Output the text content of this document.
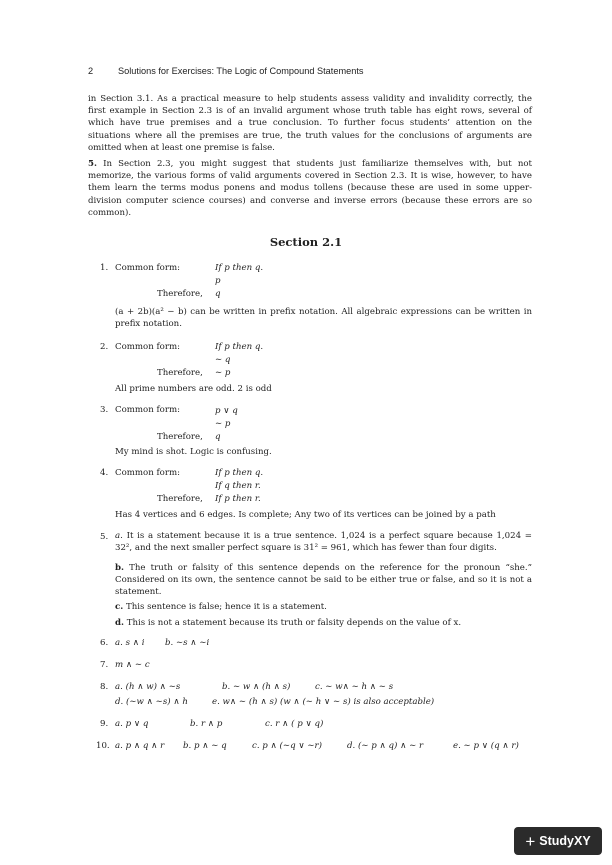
2	Solutions for Exercises: The Logic of Compound Statements
in Section 3.1. As a practical measure to help students assess validity and invalidity correctly, the first example in Section 2.3 is of an invalid argument whose truth table has eight rows, several of which have true premises and a true conclusion. To further focus students’ attention on the situations where all the premises are true, the truth values for the conclusions of arguments are omitted when at least one premise is false.
5. In Section 2.3, you might suggest that students just familiarize themselves with, but not memorize, the various forms of valid arguments covered in Section 2.3. It is wise, however, to have them learn the terms modus ponens and modus tollens (because these are used in some upper-division computer science courses) and converse and inverse errors (because these errors are so common).
Section 2.1
1. Common form:	If p then q.
p
Therefore, q
(a + 2b)(a² − b) can be written in prefix notation. All algebraic expressions can be written in prefix notation.
2. Common form:	If p then q.
∼ q
Therefore, ∼ p
All prime numbers are odd. 2 is odd
3. Common form:	p ∨ q
∼ p
Therefore, q
My mind is shot. Logic is confusing.
4. Common form:	If p then q.
If q then r.
Therefore, If p then r.
Has 4 vertices and 6 edges. Is complete; Any two of its vertices can be joined by a path
5. a. It is a statement because it is a true sentence. 1,024 is a perfect square because 1,024 = 32², and the next smaller perfect square is 31² = 961, which has fewer than four digits.
b. The truth or falsity of this sentence depends on the reference for the pronoun “she.” Considered on its own, the sentence cannot be said to be either true or false, and so it is not a statement.
c. This sentence is false; hence it is a statement.
d. This is not a statement because its truth or falsity depends on the value of x.
6. a. s ∧ i b. ∼s ∧ ∼i
7. m ∧ ∼ c
8. a. (h ∧ w) ∧ ∼s	b. ∼ w ∧ (h ∧ s)	c. ∼ w∧ ∼ h ∧ ∼ s
d. (∼w ∧ ∼s) ∧ h	e. w∧ ∼ (h ∧ s) (w ∧ (∼ h ∨ ∼ s) is also acceptable)
9. a. p ∨ q	b. r ∧ p	c. r ∧ ( p ∨ q)
10. a. p ∧ q ∧ r b. p ∧ ∼ q	c. p ∧ (∼q ∨ ∼r)	d. (∼ p ∧ q) ∧ ∼ r	e. ∼ p ∨ (q ∧ r)
+ StudyXY
